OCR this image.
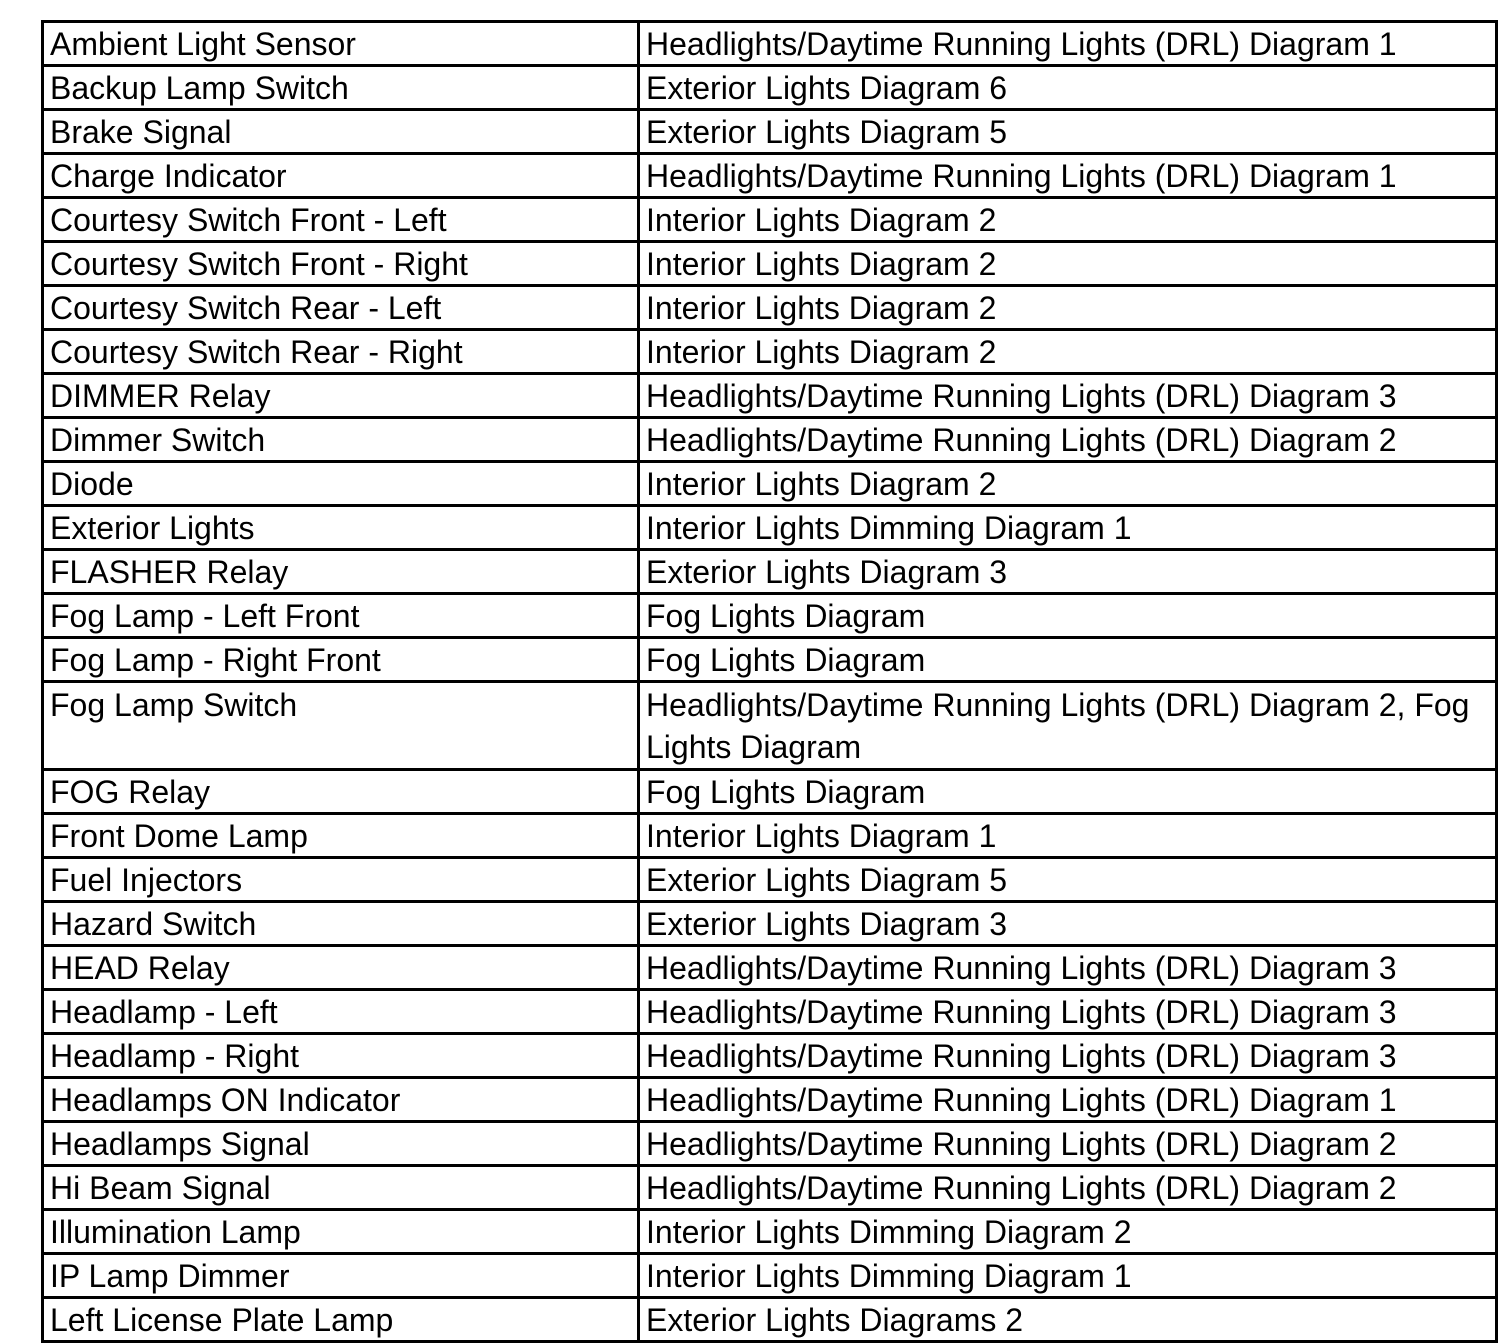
Ambient Light Sensor	Headlights/Daytime Running Lights (DRL) Diagram 1
Backup Lamp Switch	Exterior Lights Diagram 6
Brake Signal	Exterior Lights Diagram 5
Charge Indicator	Headlights/Daytime Running Lights (DRL) Diagram 1
Courtesy Switch Front - Left	Interior Lights Diagram 2
Courtesy Switch Front - Right	Interior Lights Diagram 2
Courtesy Switch Rear - Left	Interior Lights Diagram 2
Courtesy Switch Rear - Right	Interior Lights Diagram 2
DIMMER Relay	Headlights/Daytime Running Lights (DRL) Diagram 3
Dimmer Switch	Headlights/Daytime Running Lights (DRL) Diagram 2
Diode	Interior Lights Diagram 2
Exterior Lights	Interior Lights Dimming Diagram 1
FLASHER Relay	Exterior Lights Diagram 3
Fog Lamp - Left Front	Fog Lights Diagram
Fog Lamp - Right Front	Fog Lights Diagram
Fog Lamp Switch	Headlights/Daytime Running Lights (DRL) Diagram 2, Fog Lights Diagram
FOG Relay	Fog Lights Diagram
Front Dome Lamp	Interior Lights Diagram 1
Fuel Injectors	Exterior Lights Diagram 5
Hazard Switch	Exterior Lights Diagram 3
HEAD Relay	Headlights/Daytime Running Lights (DRL) Diagram 3
Headlamp - Left	Headlights/Daytime Running Lights (DRL) Diagram 3
Headlamp - Right	Headlights/Daytime Running Lights (DRL) Diagram 3
Headlamps ON Indicator	Headlights/Daytime Running Lights (DRL) Diagram 1
Headlamps Signal	Headlights/Daytime Running Lights (DRL) Diagram 2
Hi Beam Signal	Headlights/Daytime Running Lights (DRL) Diagram 2
Illumination Lamp	Interior Lights Dimming Diagram 2
IP Lamp Dimmer	Interior Lights Dimming Diagram 1
Left License Plate Lamp	Exterior Lights Diagrams 2
